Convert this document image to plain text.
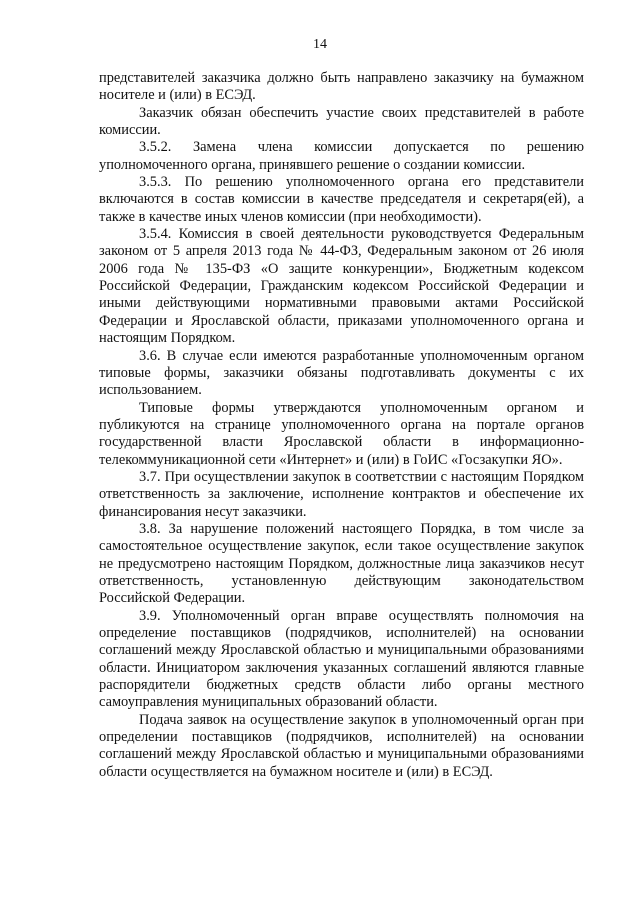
14

представителей заказчика должно быть направлено заказчику на бумажном носителе и (или) в ЕСЭД.

Заказчик обязан обеспечить участие своих представителей в работе комиссии.

3.5.2. Замена члена комиссии допускается по решению уполномоченного органа, принявшего решение о создании комиссии.

3.5.3. По решению уполномоченного органа его представители включаются в состав комиссии в качестве председателя и секретаря(ей), а также в качестве иных членов комиссии (при необходимости).

3.5.4. Комиссия в своей деятельности руководствуется Федеральным законом от 5 апреля 2013 года № 44-ФЗ, Федеральным законом от 26 июля 2006 года № 135-ФЗ «О защите конкуренции», Бюджетным кодексом Российской Федерации, Гражданским кодексом Российской Федерации и иными действующими нормативными правовыми актами Российской Федерации и Ярославской области, приказами уполномоченного органа и настоящим Порядком.

3.6. В случае если имеются разработанные уполномоченным органом типовые формы, заказчики обязаны подготавливать документы с их использованием.

Типовые формы утверждаются уполномоченным органом и публикуются на странице уполномоченного органа на портале органов государственной власти Ярославской области в информационно-телекоммуникационной сети «Интернет» и (или) в ГоИС «Госзакупки ЯО».

3.7. При осуществлении закупок в соответствии с настоящим Порядком ответственность за заключение, исполнение контрактов и обеспечение их финансирования несут заказчики.

3.8. За нарушение положений настоящего Порядка, в том числе за самостоятельное осуществление закупок, если такое осуществление закупок не предусмотрено настоящим Порядком, должностные лица заказчиков несут ответственность, установленную действующим законодательством Российской Федерации.

3.9. Уполномоченный орган вправе осуществлять полномочия на определение поставщиков (подрядчиков, исполнителей) на основании соглашений между Ярославской областью и муниципальными образованиями области. Инициатором заключения указанных соглашений являются главные распорядители бюджетных средств области либо органы местного самоуправления муниципальных образований области.

Подача заявок на осуществление закупок в уполномоченный орган при определении поставщиков (подрядчиков, исполнителей) на основании соглашений между Ярославской областью и муниципальными образованиями области осуществляется на бумажном носителе и (или) в ЕСЭД.
